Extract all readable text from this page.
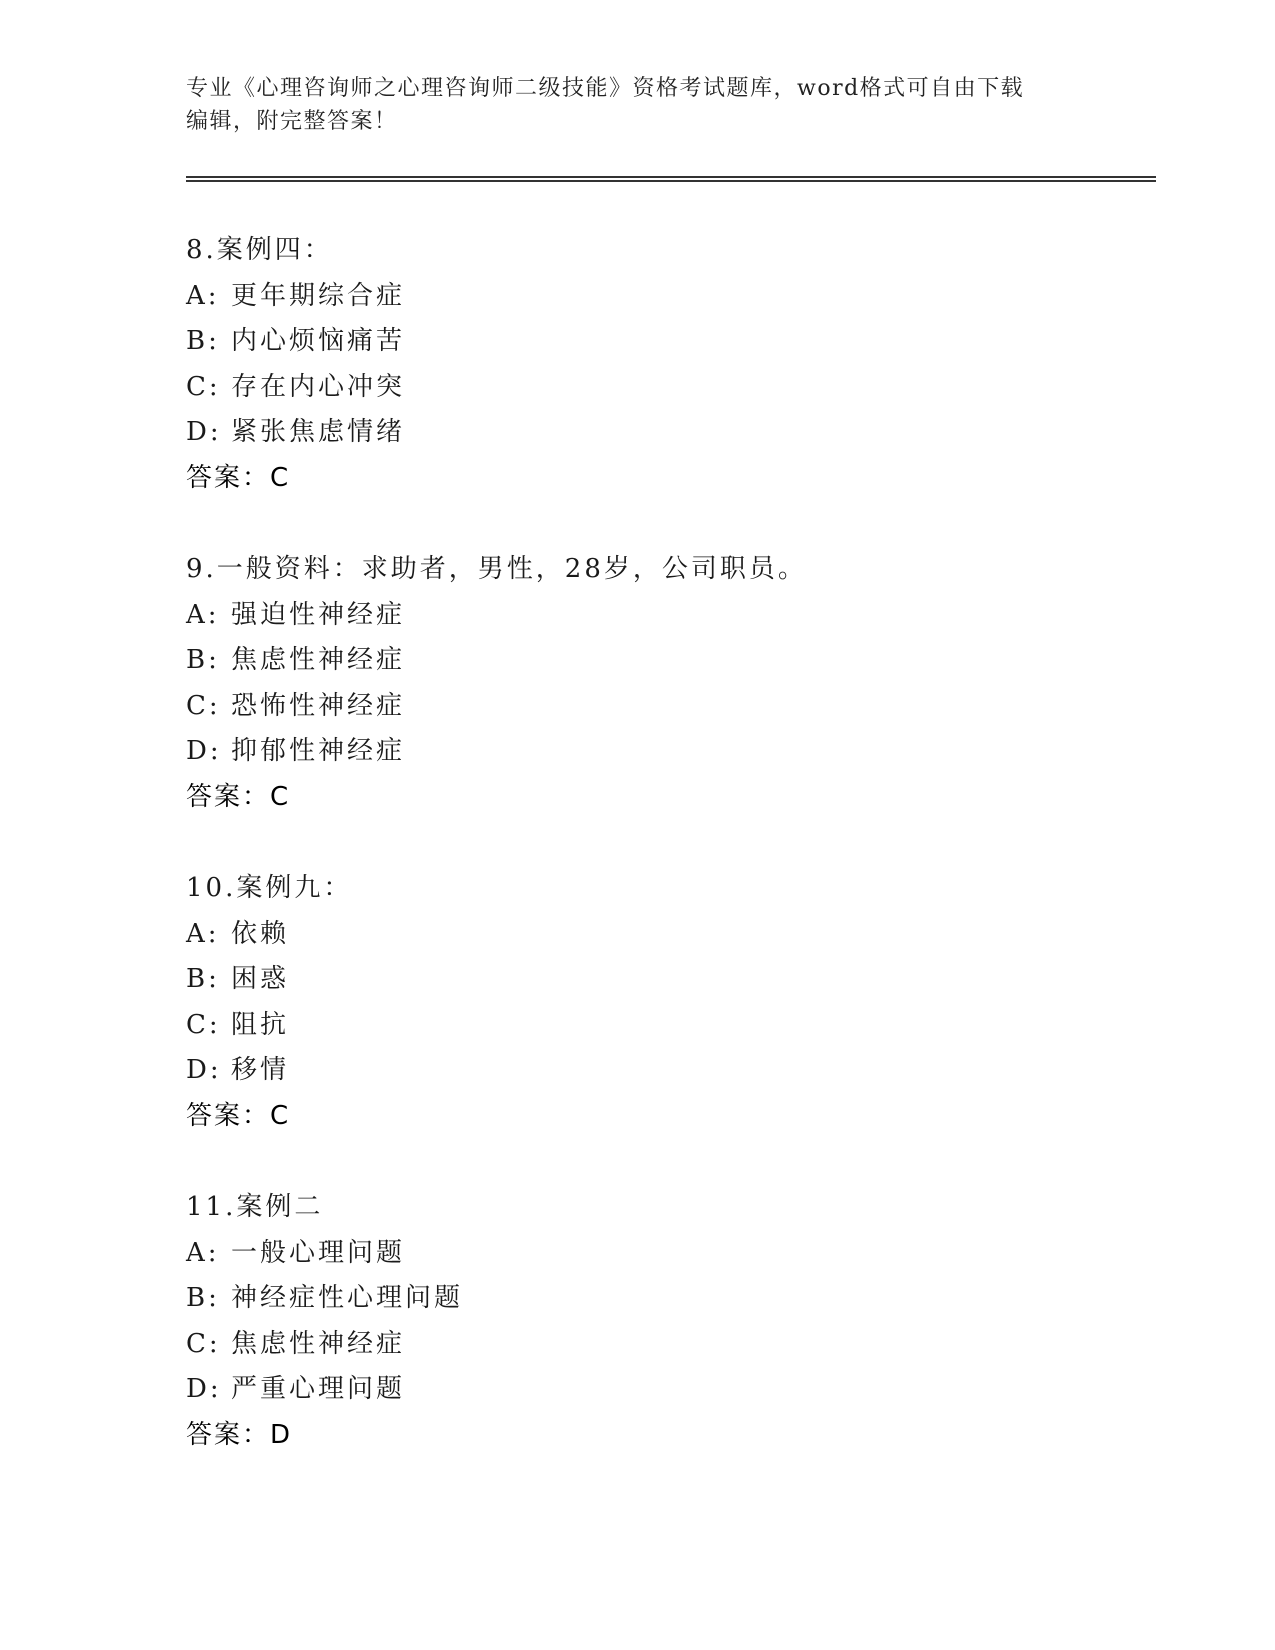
专业《心理咨询师之心理咨询师二级技能》资格考试题库，word格式可自由下载
编辑，附完整答案！
8.案例四：
A: 更年期综合症
B: 内心烦恼痛苦
C: 存在内心冲突
D: 紧张焦虑情绪
答案：C
9.一般资料：求助者，男性，28岁，公司职员。
A: 强迫性神经症
B: 焦虑性神经症
C: 恐怖性神经症
D: 抑郁性神经症
答案：C
10.案例九：
A: 依赖
B: 困惑
C: 阻抗
D: 移情
答案：C
11.案例二
A: 一般心理问题
B: 神经症性心理问题
C: 焦虑性神经症
D: 严重心理问题
答案：D
